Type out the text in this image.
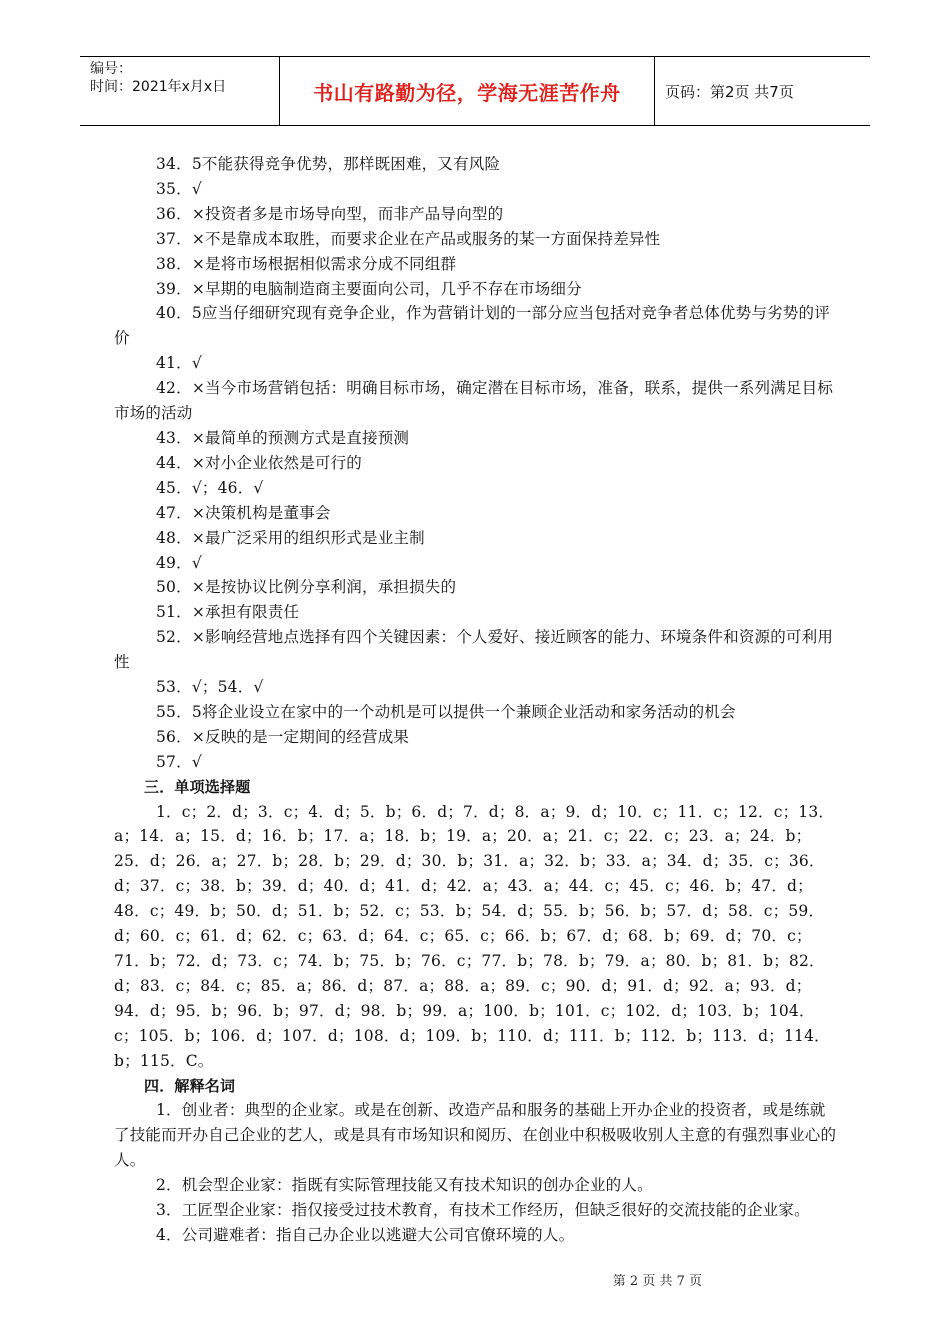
编号：
时间：2021年x月x日	书山有路勤为径，学海无涯苦作舟	页码：第2页 共7页
34．5不能获得竞争优势，那样既困难，又有风险
35．√
36．×投资者多是市场导向型，而非产品导向型的
37．×不是靠成本取胜，而要求企业在产品或服务的某一方面保持差异性
38．×是将市场根据相似需求分成不同组群
39．×早期的电脑制造商主要面向公司，几乎不存在市场细分
40．5应当仔细研究现有竞争企业，作为营销计划的一部分应当包括对竞争者总体优势与劣势的评价
41．√
42．×当今市场营销包括：明确目标市场，确定潜在目标市场，准备，联系，提供一系列满足目标市场的活动
43．×最简单的预测方式是直接预测
44．×对小企业依然是可行的
45．√；46．√
47．×决策机构是董事会
48．×最广泛采用的组织形式是业主制
49．√
50．×是按协议比例分享利润，承担损失的
51．×承担有限责任
52．×影响经营地点选择有四个关键因素：个人爱好、接近顾客的能力、环境条件和资源的可利用性
53．√；54．√
55．5将企业设立在家中的一个动机是可以提供一个兼顾企业活动和家务活动的机会
56．×反映的是一定期间的经营成果
57．√
三．单项选择题
1．c；2．d；3．c；4．d；5．b；6．d；7．d；8．a；9．d；10．c；11．c；12．c；13．a；14．a；15．d；16．b；17．a；18．b；19．a；20．a；21．c；22．c；23．a；24．b；25．d；26．a；27．b；28．b；29．d；30．b；31．a；32．b；33．a；34．d；35．c；36．d；37．c；38．b；39．d；40．d；41．d；42．a；43．a；44．c；45．c；46．b；47．d；48．c；49．b；50．d；51．b；52．c；53．b；54．d；55．b；56．b；57．d；58．c；59．d；60．c；61．d；62．c；63．d；64．c；65．c；66．b；67．d；68．b；69．d；70．c；71．b；72．d；73．c；74．b；75．b；76．c；77．b；78．b；79．a；80．b；81．b；82．d；83．c；84．c；85．a；86．d；87．a；88．a；89．c；90．d；91．d；92．a；93．d；94．d；95．b；96．b；97．d；98．b；99．a；100．b；101．c；102．d；103．b；104．c；105．b；106．d；107．d；108．d；109．b；110．d；111．b；112．b；113．d；114．b；115．C。
四．解释名词
1．创业者：典型的企业家。或是在创新、改造产品和服务的基础上开办企业的投资者，或是练就了技能而开办自己企业的艺人，或是具有市场知识和阅历、在创业中积极吸收别人主意的有强烈事业心的人。
2．机会型企业家：指既有实际管理技能又有技术知识的创办企业的人。
3．工匠型企业家：指仅接受过技术教育，有技术工作经历，但缺乏很好的交流技能的企业家。
4．公司避难者：指自己办企业以逃避大公司官僚环境的人。
第 2 页 共 7 页
